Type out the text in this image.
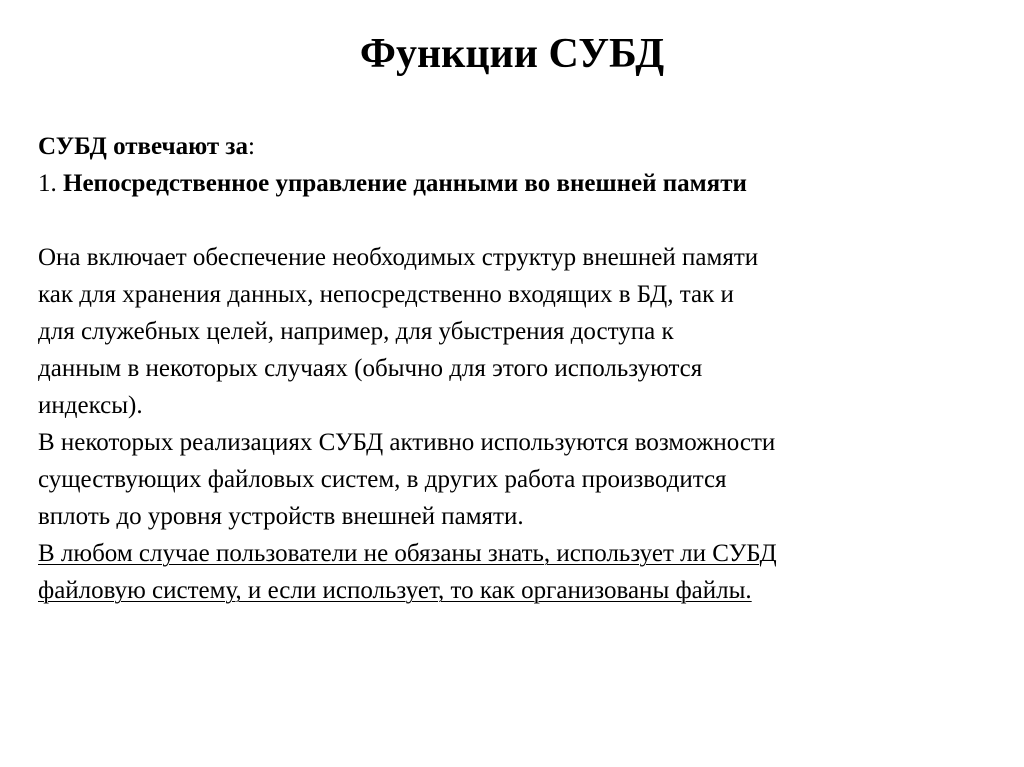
Функции СУБД

СУБД отвечают за:

1. Непосредственное управление данными во внешней памяти

Она включает обеспечение необходимых структур внешней памяти
как для хранения данных, непосредственно входящих в БД, так и
для служебных целей, например, для убыстрения доступа к
данным в некоторых случаях (обычно для этого используются
индексы).

В некоторых реализациях СУБД активно используются возможности
существующих файловых систем, в других работа производится
вплоть до уровня устройств внешней памяти.

В любом случае пользователи не обязаны знать, использует ли СУБД
файловую систему, и если использует, то как организованы файлы.
